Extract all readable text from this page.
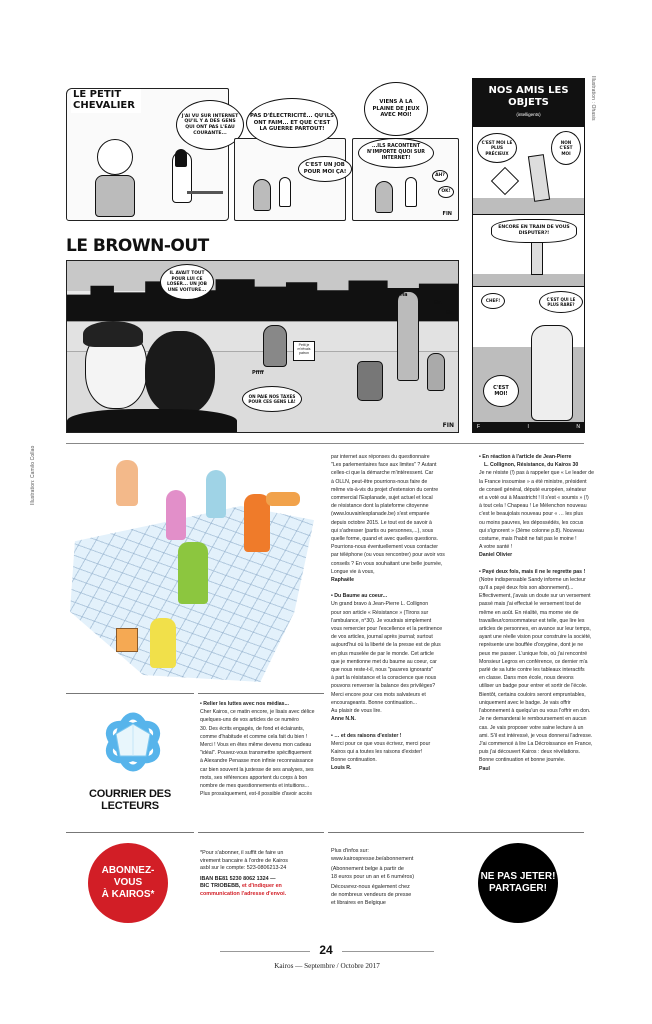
LE PETIT CHEVALIER
J'AI VU SUR INTERNET QU'IL Y A DES GENS QUI ONT PAS L'EAU COURANTE...
PAS D'ÉLECTRICITÉ... QU'ILS ONT FAIM... ET QUE C'EST LA GUERRE PARTOUT!
C'EST UN JOB POUR MOI ÇA!
FIN
VIENS À LA PLAINE DE JEUX AVEC MOI!
...ILS RACONTENT N'IMPORTE QUOI SUR INTERNET!
AH?
OK!
LE BROWN-OUT
Petit je m'rêvais patron
FIN
IL AVAIT TOUT POUR LUI CE LOSER... UN JOB UNE VOITURE...
ON PAIE NOS TAXES POUR CES GENS LÀ!
Pffff
Ha
Ha
Ha
NOS AMIS LES OBJETS
(intelligents)
C'EST MOI LE PLUS PRÉCIEUX
NON C'EST MOI
ENCORE EN TRAIN DE VOUS DISPUTER?!
CHEF!	C'EST QUI LE PLUS RARE?
C'EST MOI!
F	I	N
Illustration : Ohasis
Illustration: Camilo Collao
COURRIER DES
LECTEURS

• Relier les luttes avec nos médias...

Cher Kairos, ce matin encore, je lisais avec délice

quelques-uns de vos articles de ce numéro

30. Des écrits engagés, de fond et éclairants,

comme d'habitude et comme cela fait du bien !

Merci ! Vous en êtes même devenu mon cadeau

"idéal". Pouvez-vous transmettre spécifiquement

à Alexandre Penasse mon infinie reconnaissance

car bien souvent la justesse de ses analyses, ses

mots, ses références apportent du corps à bon

nombre de mes questionnements et intuitions...

Plus prosaïquement, est-il possible d'avoir accès

par internet aux réponses du questionnaire

"Les parlementaires face aux limites" ? Autant

celles-ci que la démarche m'intéressent. Car

à OLLN, peut-être pourrions-nous faire de

même vis-à-vis du projet d'extension du centre

commercial l'Esplanade, sujet actuel et local

de résistance dont la plateforme citoyenne

(www.louvainlesplanade.be) s'est emparée

depuis octobre 2015. Le tout est de savoir à

qui s'adresser (partis ou personnes,...), sous

quelle forme, quand et avec quelles questions.

Pourrions-nous éventuellement vous contacter

par téléphone (ou vous rencontrer) pour avoir vos

conseils ? En vous souhaitant une belle journée,

Longue vie à vous,

Raphaële

• Du Baume au coeur...

Un grand bravo à Jean-Pierre L. Collignon

pour son article « Résistance » (Tirons sur

l'ambulance, n°30). Je voudrais simplement

vous remercier pour l'excellence et la pertinence

de vos articles, journal après journal; surtout

aujourd'hui où la liberté de la presse est de plus

en plus muselée de par le monde. Cet article

que je mentionne met du baume au coeur, car

que nous reste-t-il, nous "pauvres ignorants"

à part la résistance et la conscience que nous

pouvons renverser la balance des privilèges?

Merci encore pour ces mots salvateurs et

encourageants. Bonne continuation...

Au plaisir de vous lire.

Anne N.N.

• … et des raisons d'exister !

Merci pour ce que vous écrivez, merci pour

Kairos qui a toutes les raisons d'exister!

Bonne continuation.

Louis R.

• En réaction à l'article de Jean-Pierre

L. Collignon, Résistance, du Kairos 30

Je ne résiste (!) pas à rappeler que « Le leader de

la France insoumise » a été ministre, président

de conseil général, député européen, sénateur

et a voté oui à Maastricht ! Il s'est « soumis » (!)

à tout cela ! Chapeau ! Le Mélenchon nouveau

c'est le beaujolais nouveau pour « … les plus

ou moins pauvres, les dépossédés, les cocus

qui s'ignorent » (3ème colonne p.8). Nouveau

costume, mais l'habit ne fait pas le moine !

A votre santé !

Daniel Olivier

• Payé deux fois, mais il ne le regrette pas !

(Notre indispensable Sandy informe un lecteur

qu'il a payé deux fois son abonnement)...

Effectivement, j'avais un doute sur un versement

passé mais j'ai effectué le versement tout de

même en août. En réalité, ma morne vie de

travailleur/consommateur est telle, que lire les

articles de personnes, en avance sur leur temps,

ayant une réelle vision pour construire la société,

représente une bouffée d'oxygène, dont je ne

peux me passer. L'unique fois, où j'ai rencontré

Monsieur Legros en conférence, ce dernier m'a

parlé de sa lutte contre les tableaux interactifs

en classe. Dans mon école, nous devons

utiliser un badge pour entrer et sortir de l'école.

Bientôt, certains couloirs seront empruntables,

uniquement avec le badge. Je vais offrir

l'abonnement à quelqu'un ou vous l'offrir en don.

Je ne demanderai le remboursement en aucun

cas. Je vais proposer votre saine lecture à un

ami. S'il est intéressé, je vous donnerai l'adresse.

J'ai commencé à lire La Décroissance en France,

puis j'ai découvert Kairos : deux révélations.

Bonne continuation et bonne journée.

Paul

ABONNEZ-VOUS
À KAIROS*
*Pour s'abonner, il suffit de faire un
virement bancaire à l'ordre de Kairos
asbl sur le compte: 523-0806213-24
IBAN BE81 5230 8062 1324 —
BIC TRIOBEBB, et d'indiquer en
communication l'adresse d'envoi.
Plus d'infos sur:
www.kairospresse.be/abonnement
(Abonnement belge à partir de
18 euros pour un an et 6 numéros)
Découvrez-nous également chez
de nombreux vendeurs de presse
et libraires en Belgique
NE PAS JETER!
PARTAGER!
24
Kairos — Septembre / Octobre 2017
